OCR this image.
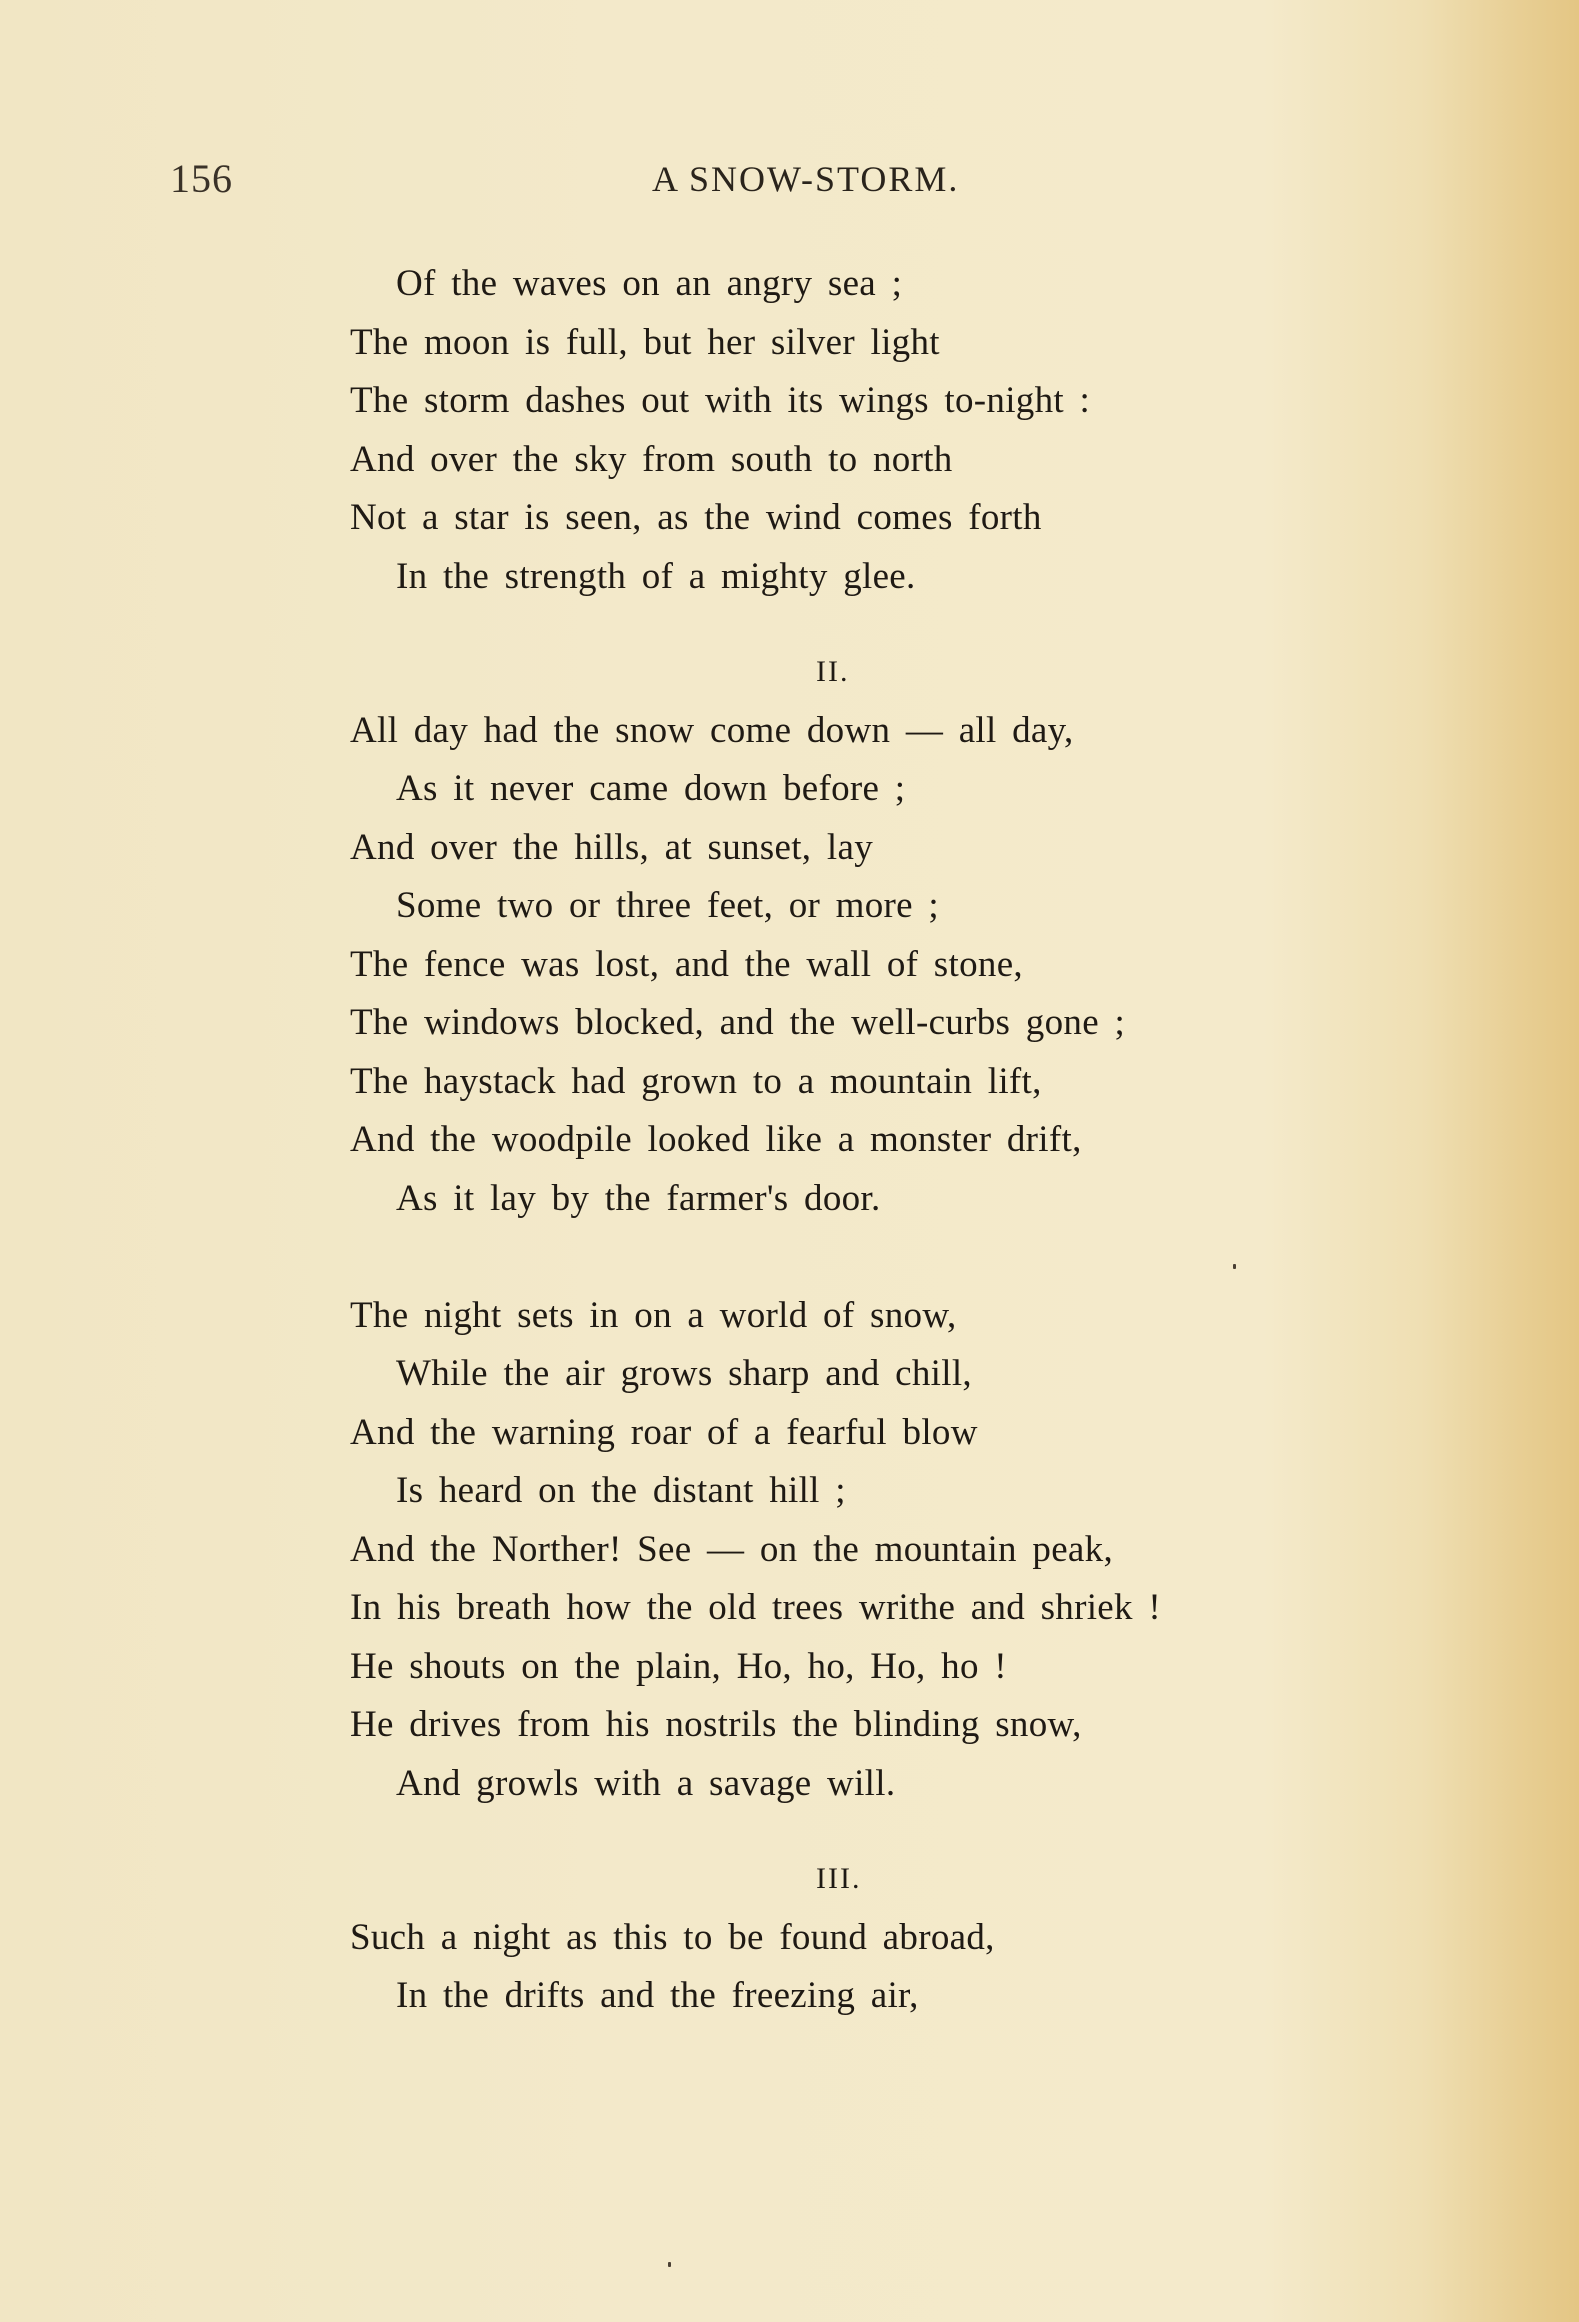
156	A SNOW-STORM.
Of the waves on an angry sea ;
The moon is full, but her silver light
The storm dashes out with its wings to-night :
And over the sky from south to north
Not a star is seen, as the wind comes forth
In the strength of a mighty glee.
II.
All day had the snow come down — all day,
As it never came down before ;
And over the hills, at sunset, lay
Some two or three feet, or more ;
The fence was lost, and the wall of stone,
The windows blocked, and the well-curbs gone ;
The haystack had grown to a mountain lift,
And the woodpile looked like a monster drift,
As it lay by the farmer's door.
The night sets in on a world of snow,
While the air grows sharp and chill,
And the warning roar of a fearful blow
Is heard on the distant hill ;
And the Norther! See — on the mountain peak,
In his breath how the old trees writhe and shriek !
He shouts on the plain, Ho, ho, Ho, ho !
He drives from his nostrils the blinding snow,
And growls with a savage will.
III.
Such a night as this to be found abroad,
In the drifts and the freezing air,
